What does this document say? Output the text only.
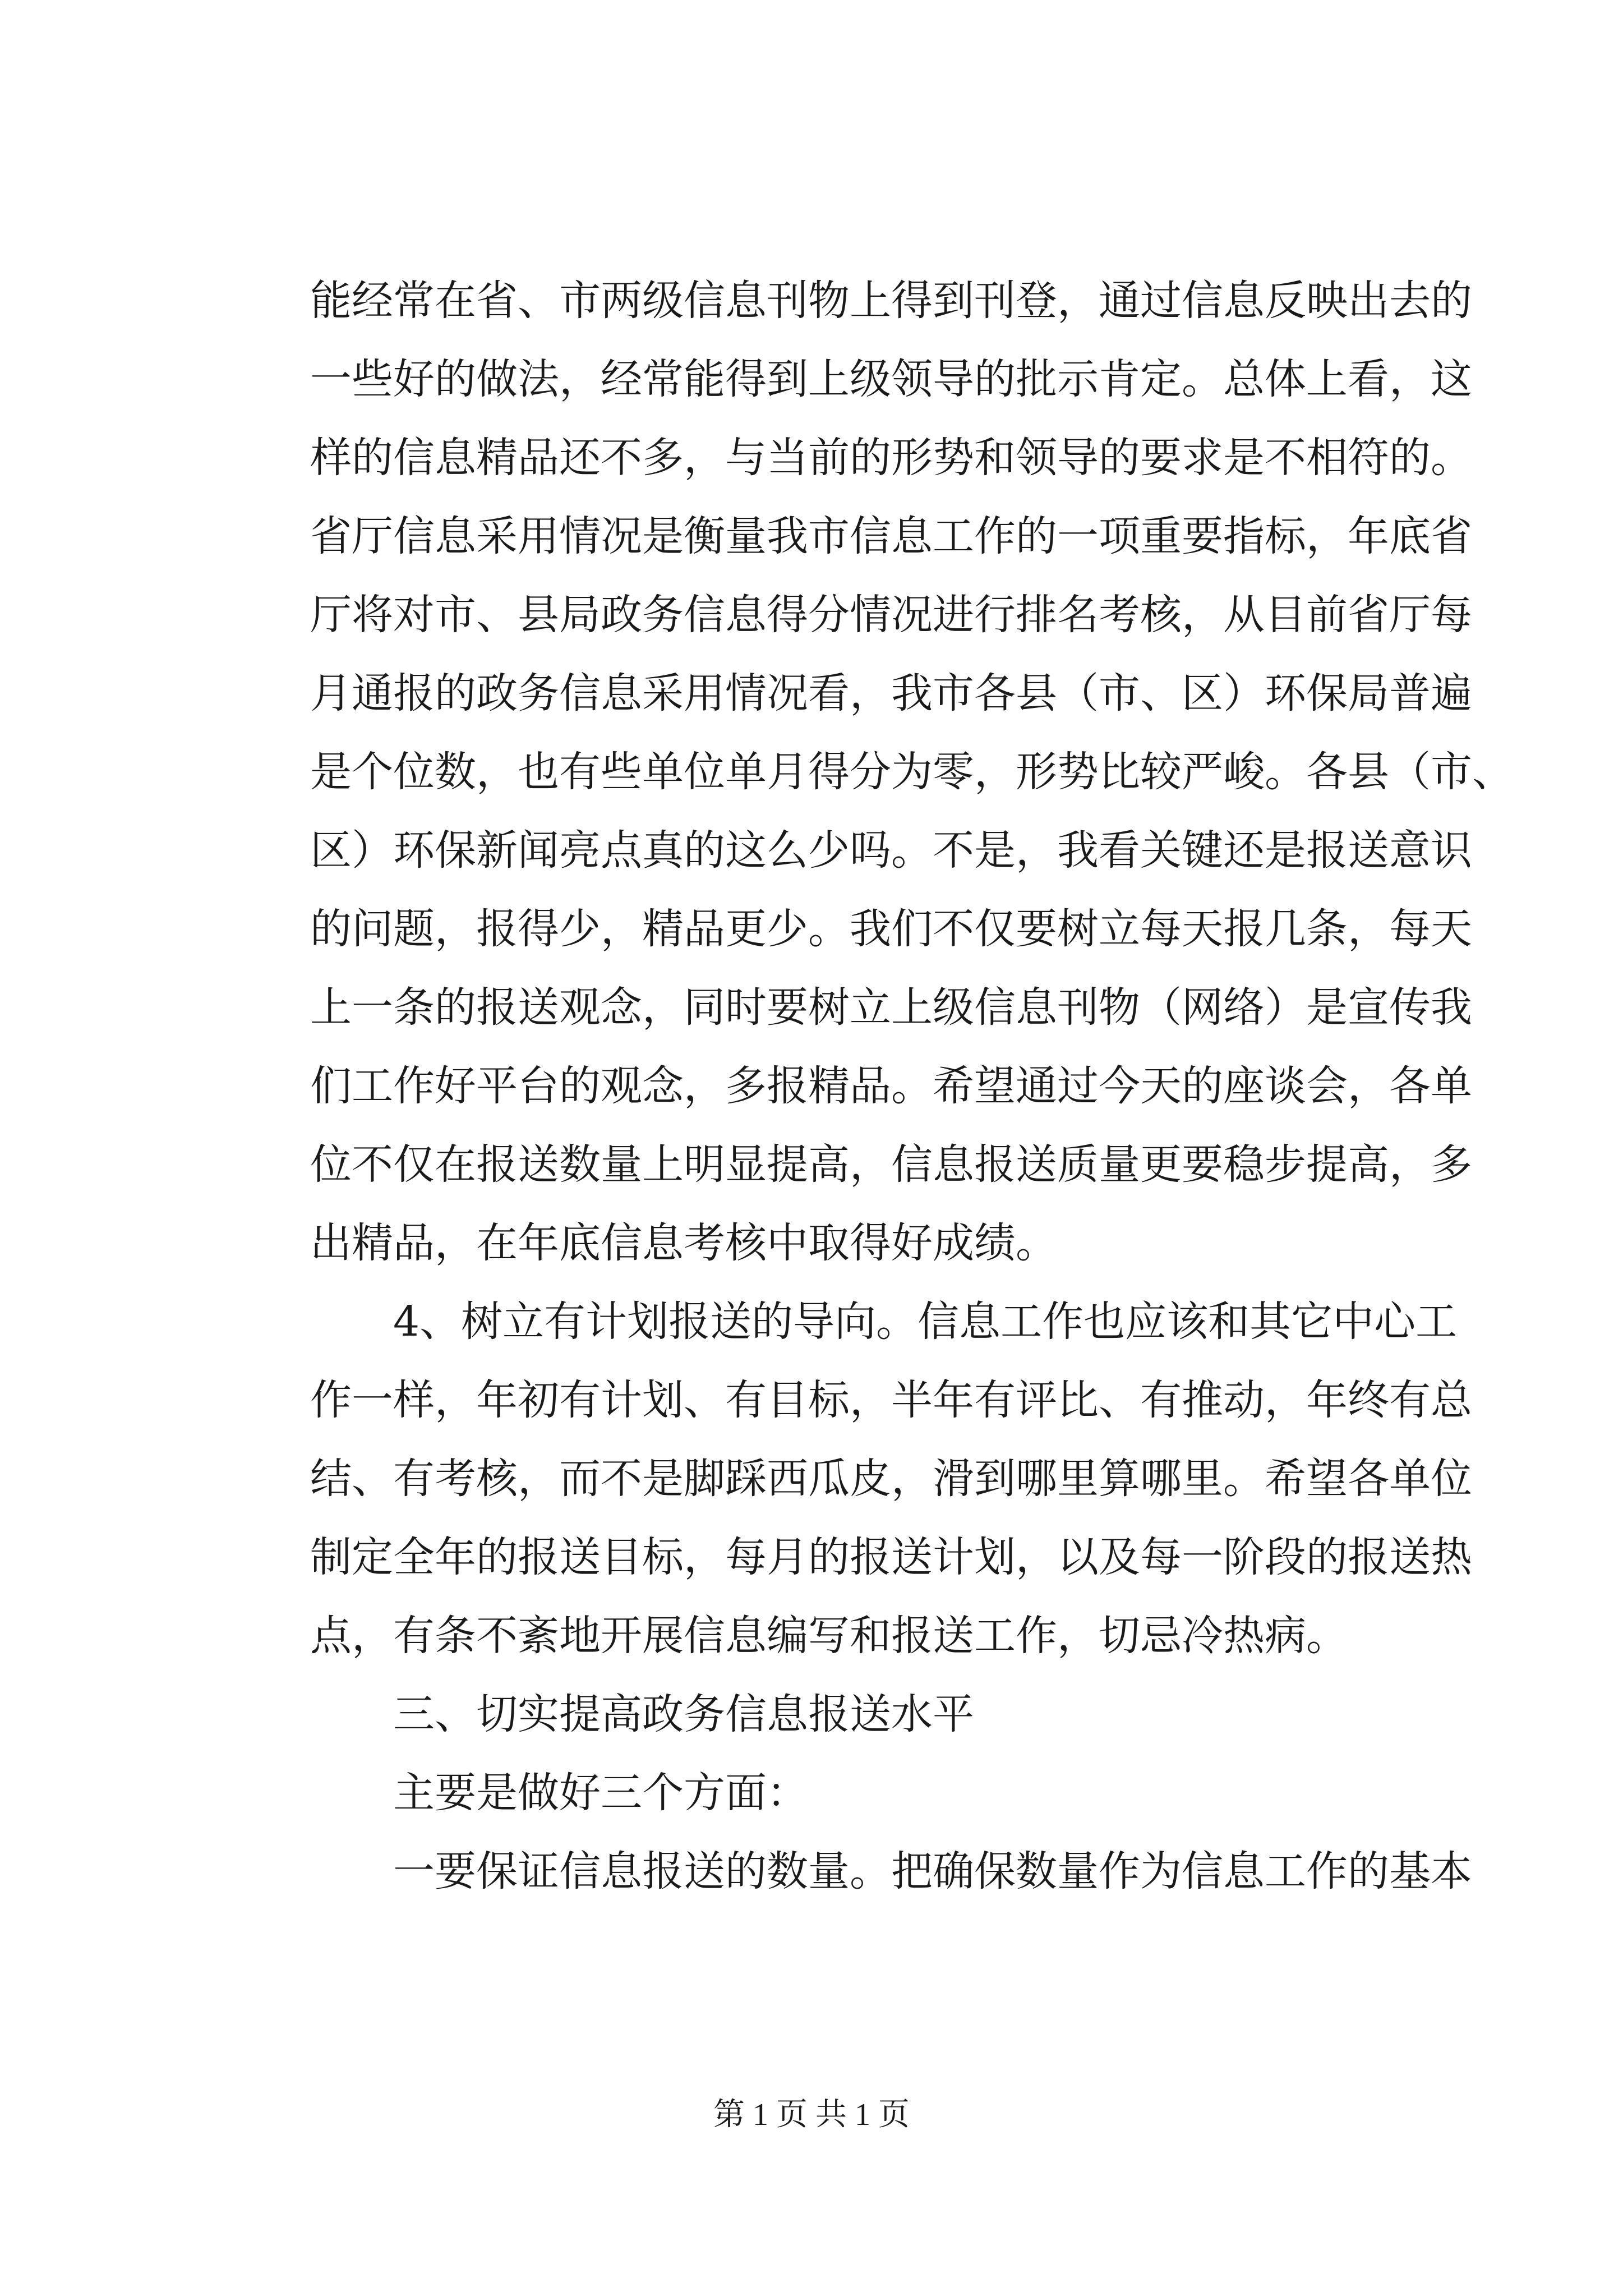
能经常在省、市两级信息刊物上得到刊登，通过信息反映出去的
一些好的做法，经常能得到上级领导的批示肯定。总体上看，这
样的信息精品还不多，与当前的形势和领导的要求是不相符的。
省厅信息采用情况是衡量我市信息工作的一项重要指标，年底省
厅将对市、县局政务信息得分情况进行排名考核，从目前省厅每
月通报的政务信息采用情况看，我市各县（市、区）环保局普遍
是个位数，也有些单位单月得分为零，形势比较严峻。各县（市、
区）环保新闻亮点真的这么少吗。不是，我看关键还是报送意识
的问题，报得少，精品更少。我们不仅要树立每天报几条，每天
上一条的报送观念，同时要树立上级信息刊物（网络）是宣传我
们工作好平台的观念，多报精品。希望通过今天的座谈会，各单
位不仅在报送数量上明显提高，信息报送质量更要稳步提高，多
出精品，在年底信息考核中取得好成绩。
　　4、树立有计划报送的导向。信息工作也应该和其它中心工
作一样，年初有计划、有目标，半年有评比、有推动，年终有总
结、有考核，而不是脚踩西瓜皮，滑到哪里算哪里。希望各单位
制定全年的报送目标，每月的报送计划，以及每一阶段的报送热
点，有条不紊地开展信息编写和报送工作，切忌冷热病。
　　三、切实提高政务信息报送水平
　　主要是做好三个方面：
　　一要保证信息报送的数量。把确保数量作为信息工作的基本
第 1 页 共 1 页
